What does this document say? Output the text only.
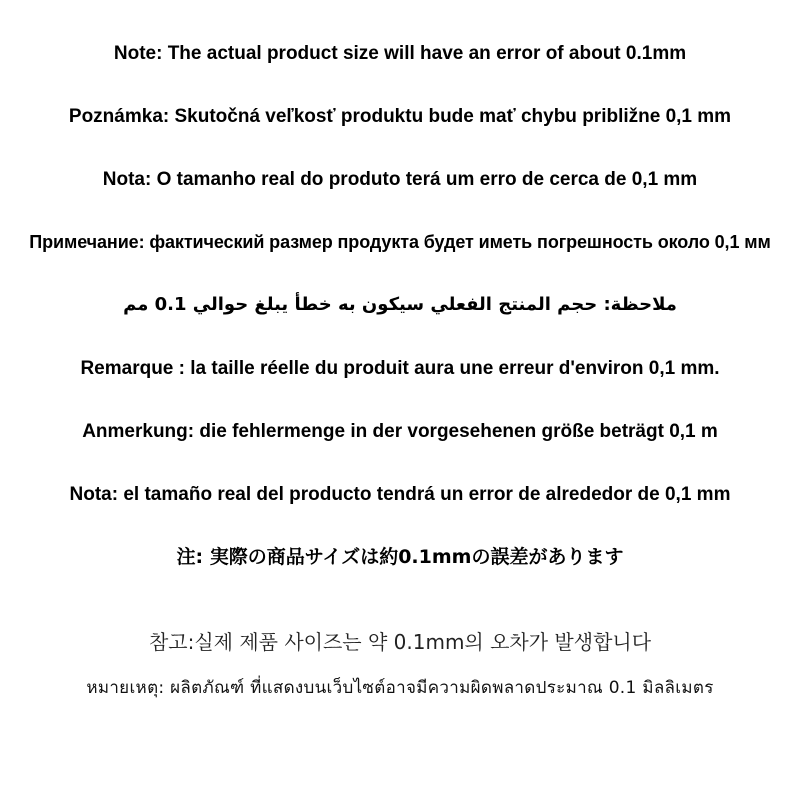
Note: The actual product size will have an error of about 0.1mm
Poznámka: Skutočná veľkosť produktu bude mať chybu približne 0,1 mm
Nota: O tamanho real do produto terá um erro de cerca de 0,1 mm
Примечание: фактический размер продукта будет иметь погрешность около 0,1 мм
ملاحظة: حجم المنتج الفعلي سيكون به خطأ يبلغ حوالي 0.1 مم
Remarque : la taille réelle du produit aura une erreur d'environ 0,1 mm.
Anmerkung: die fehlermenge in der vorgesehenen größe beträgt 0,1 m
Nota: el tamaño real del producto tendrá un error de alrededor de 0,1 mm
注: 実際の商品サイズは約0.1mmの誤差があります
참고:실제 제품 사이즈는 약 0.1mm의 오차가 발생합니다
หมายเหตุ: ผลิตภัณฑ์ ที่แสดงบนเว็บไซต์อาจมีความผิดพลาดประมาณ 0.1 มิลลิเมตร
